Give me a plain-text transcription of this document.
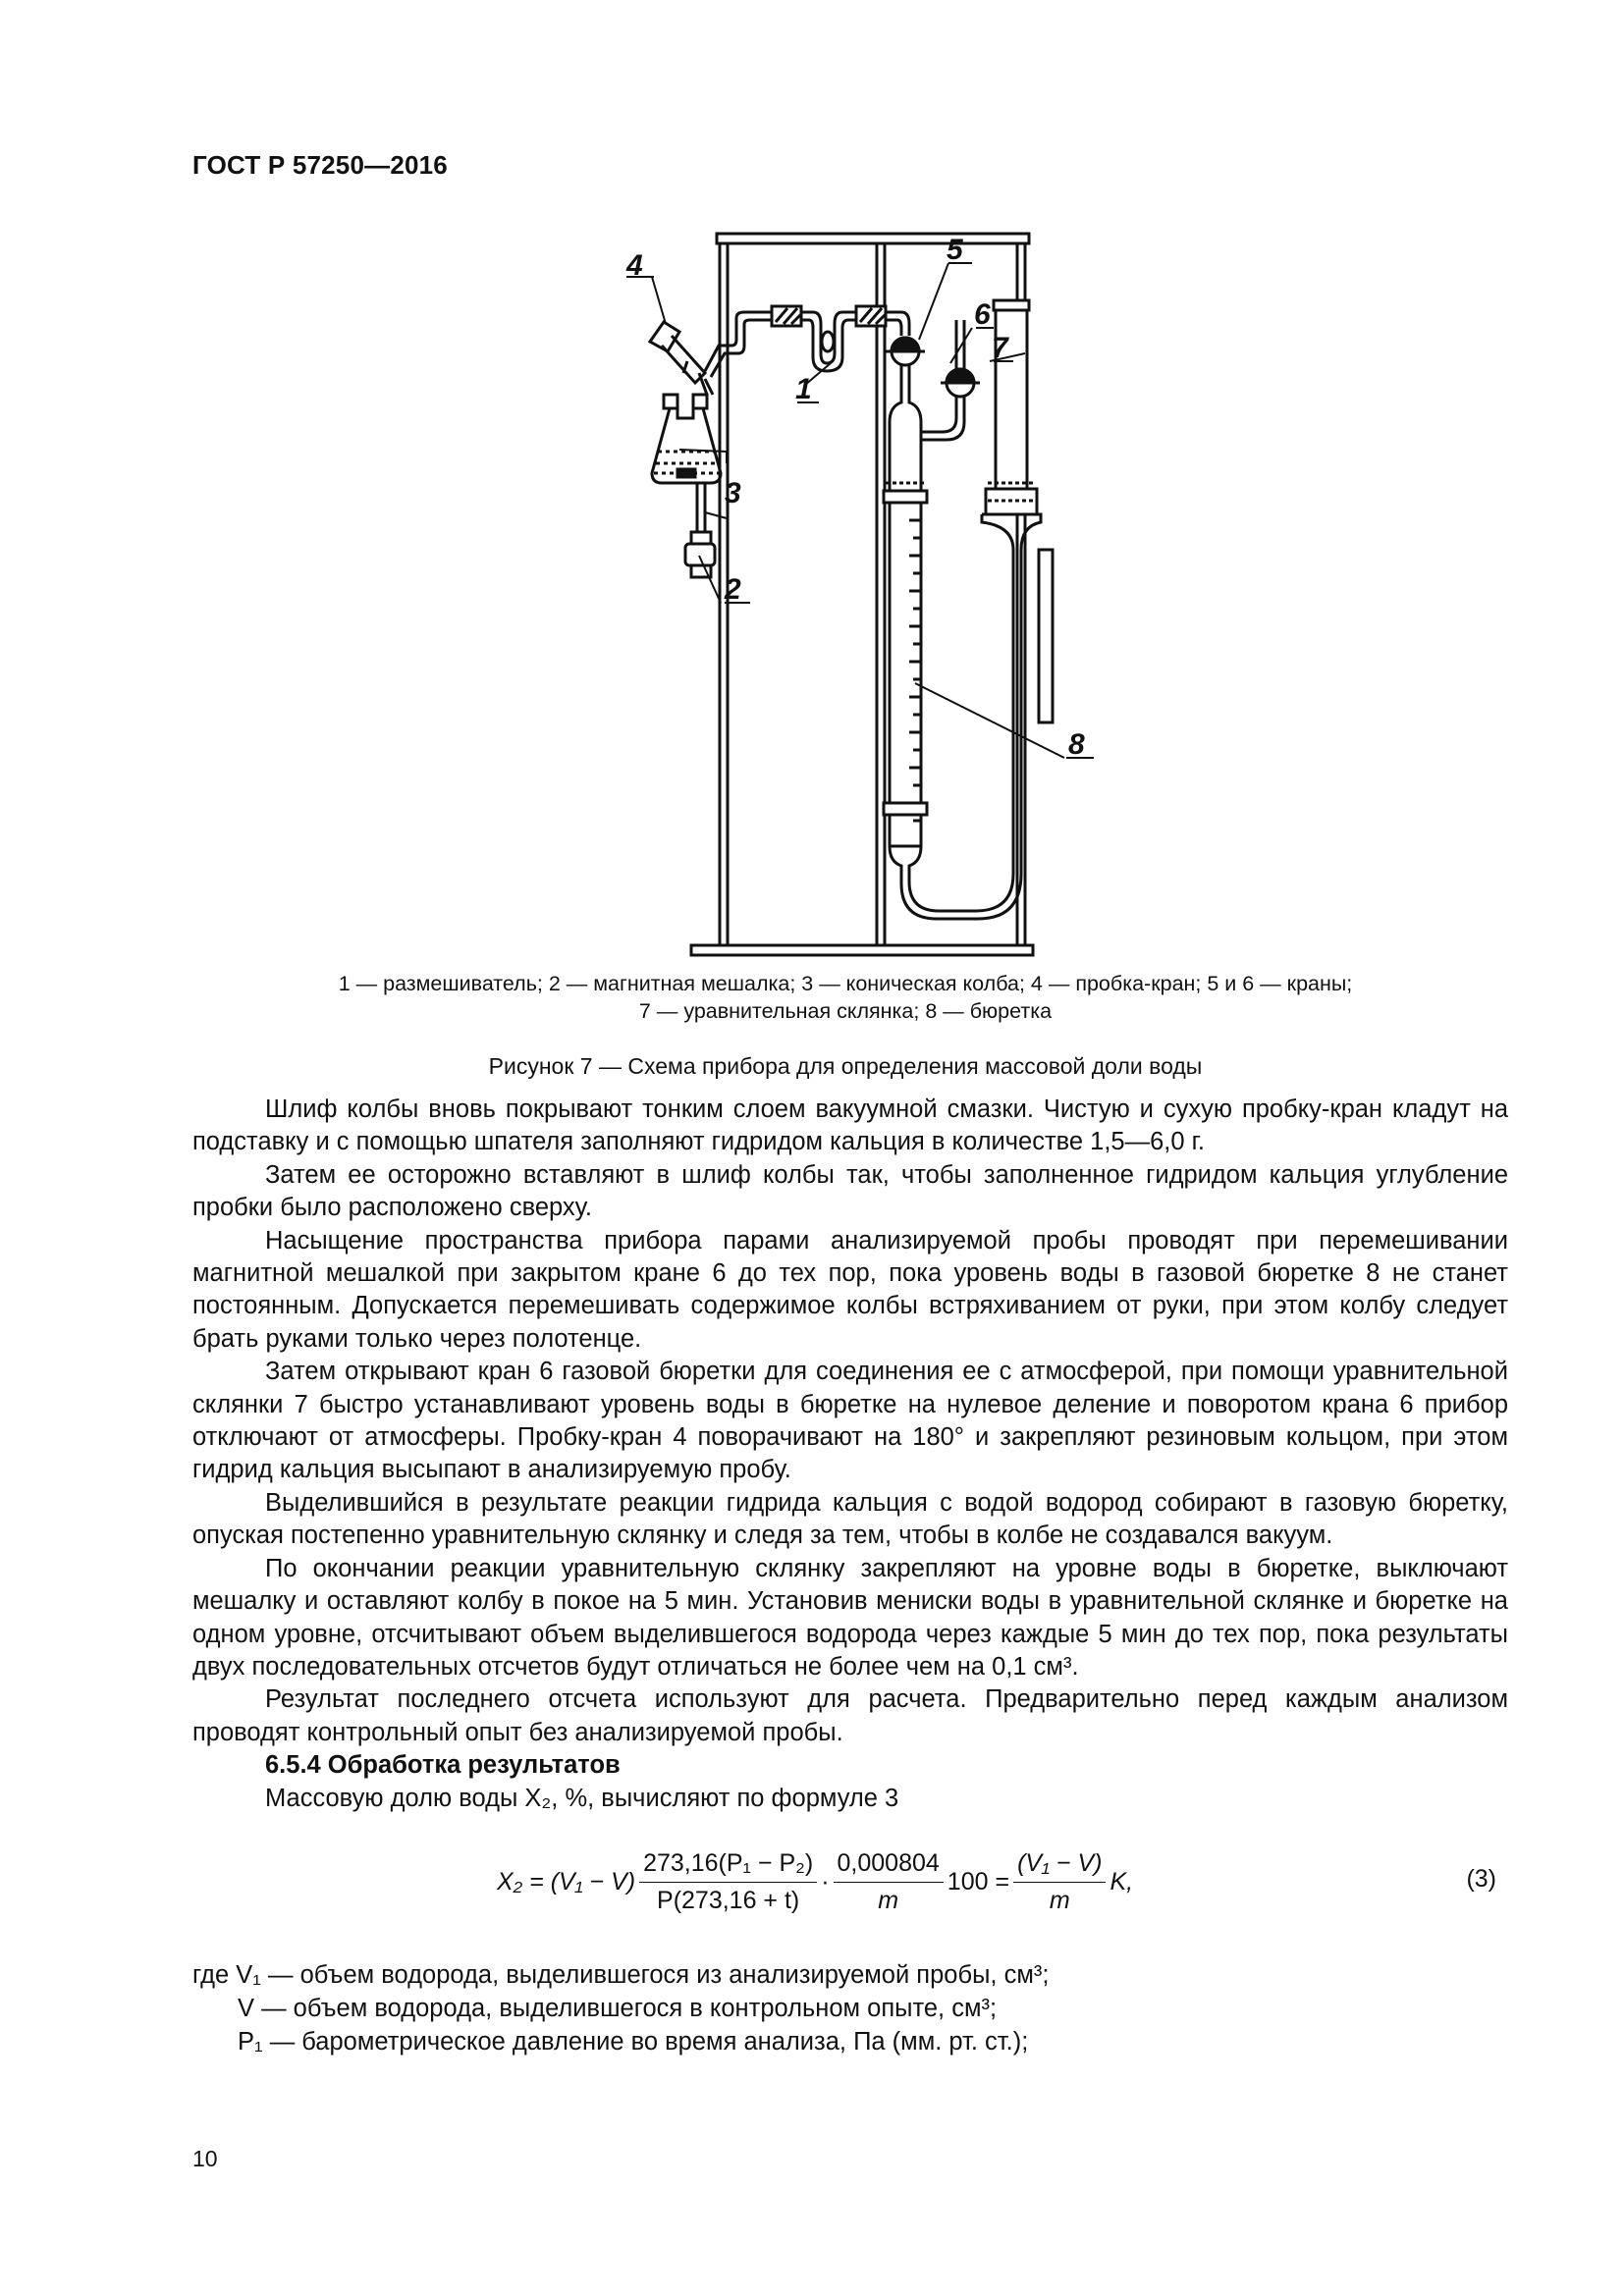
ГОСТ Р 57250—2016
4
1
3
2
5
6
7
8
1 — размешиватель; 2 — магнитная мешалка; 3 — коническая колба; 4 — пробка-кран; 5 и 6 — краны;
7 — уравнительная склянка; 8 — бюретка
Рисунок 7 — Схема прибора для определения массовой доли воды

Шлиф колбы вновь покрывают тонким слоем вакуумной смазки. Чистую и сухую пробку-кран кладут на подставку и с помощью шпателя заполняют гидридом кальция в количестве 1,5—6,0 г.

Затем ее осторожно вставляют в шлиф колбы так, чтобы заполненное гидридом кальция углубление пробки было расположено сверху.

Насыщение пространства прибора парами анализируемой пробы проводят при перемешивании магнитной мешалкой при закрытом кране 6 до тех пор, пока уровень воды в газовой бюретке 8 не станет постоянным. Допускается перемешивать содержимое колбы встряхиванием от руки, при этом колбу следует брать руками только через полотенце.

Затем открывают кран 6 газовой бюретки для соединения ее с атмосферой, при помощи уравнительной склянки 7 быстро устанавливают уровень воды в бюретке на нулевое деление и поворотом крана 6 прибор отключают от атмосферы. Пробку-кран 4 поворачивают на 180° и закрепляют резиновым кольцом, при этом гидрид кальция высыпают в анализируемую пробу.

Выделившийся в результате реакции гидрида кальция с водой водород собирают в газовую бюретку, опуская постепенно уравнительную склянку и следя за тем, чтобы в колбе не создавался вакуум.

По окончании реакции уравнительную склянку закрепляют на уровне воды в бюретке, выключают мешалку и оставляют колбу в покое на 5 мин. Установив мениски воды в уравнительной склянке и бюретке на одном уровне, отсчитывают объем выделившегося водорода через каждые 5 мин до тех пор, пока результаты двух последовательных отсчетов будут отличаться не более чем на 0,1 см³.

Результат последнего отсчета используют для расчета. Предварительно перед каждым анализом проводят контрольный опыт без анализируемой пробы.

6.5.4 Обработка результатов

Массовую долю воды X₂, %, вычисляют по формуле 3

$X_2 = (V_1 - V) \frac{\text{273,16(P₁ − P₂)}}{P(273,16 + t)} \cdot \frac{0,000804}{m} 100 = \frac{\text{(V₁ − V)}}{m} K$,	(3)
где V₁ — объем водорода, выделившегося из анализируемой пробы, см³;
V — объем водорода, выделившегося в контрольном опыте, см³;
P₁ — барометрическое давление во время анализа, Па (мм. рт. ст.);
10
